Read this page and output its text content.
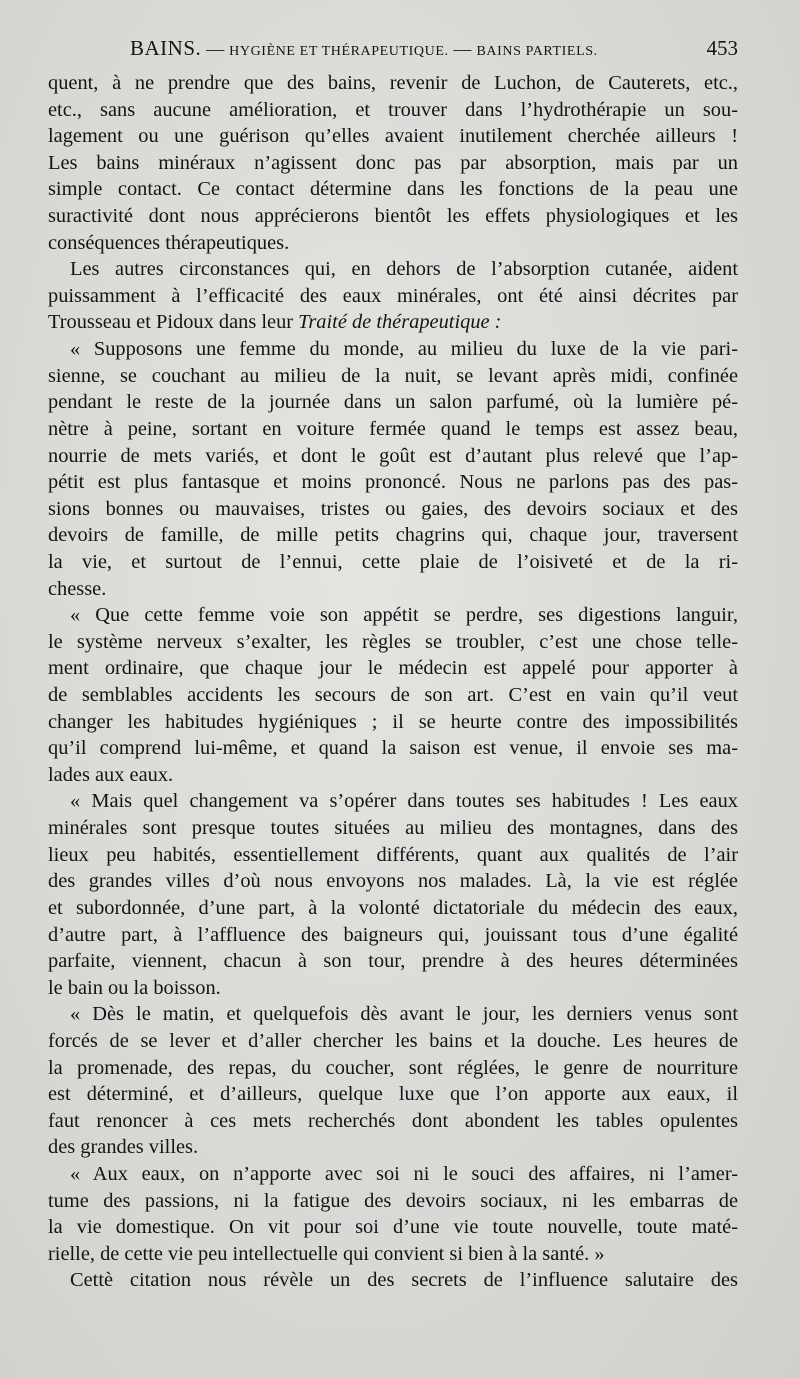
BAINS. — HYGIÈNE ET THÉRAPEUTIQUE. — BAINS PARTIELS.	453
quent, à ne prendre que des bains, revenir de Luchon, de Cauterets, etc.,
etc., sans aucune amélioration, et trouver dans l’hydrothérapie un sou-
lagement ou une guérison qu’elles avaient inutilement cherchée ailleurs !
Les bains minéraux n’agissent donc pas par absorption, mais par un
simple contact. Ce contact détermine dans les fonctions de la peau une
suractivité dont nous apprécierons bientôt les effets physiologiques et les
conséquences thérapeutiques.
Les autres circonstances qui, en dehors de l’absorption cutanée, aident
puissamment à l’efficacité des eaux minérales, ont été ainsi décrites par
Trousseau et Pidoux dans leur Traité de thérapeutique :
« Supposons une femme du monde, au milieu du luxe de la vie pari-
sienne, se couchant au milieu de la nuit, se levant après midi, confinée
pendant le reste de la journée dans un salon parfumé, où la lumière pé-
nètre à peine, sortant en voiture fermée quand le temps est assez beau,
nourrie de mets variés, et dont le goût est d’autant plus relevé que l’ap-
pétit est plus fantasque et moins prononcé. Nous ne parlons pas des pas-
sions bonnes ou mauvaises, tristes ou gaies, des devoirs sociaux et des
devoirs de famille, de mille petits chagrins qui, chaque jour, traversent
la vie, et surtout de l’ennui, cette plaie de l’oisiveté et de la ri-
chesse.
« Que cette femme voie son appétit se perdre, ses digestions languir,
le système nerveux s’exalter, les règles se troubler, c’est une chose telle-
ment ordinaire, que chaque jour le médecin est appelé pour apporter à
de semblables accidents les secours de son art. C’est en vain qu’il veut
changer les habitudes hygiéniques ; il se heurte contre des impossibilités
qu’il comprend lui-même, et quand la saison est venue, il envoie ses ma-
lades aux eaux.
« Mais quel changement va s’opérer dans toutes ses habitudes ! Les eaux
minérales sont presque toutes situées au milieu des montagnes, dans des
lieux peu habités, essentiellement différents, quant aux qualités de l’air
des grandes villes d’où nous envoyons nos malades. Là, la vie est réglée
et subordonnée, d’une part, à la volonté dictatoriale du médecin des eaux,
d’autre part, à l’affluence des baigneurs qui, jouissant tous d’une égalité
parfaite, viennent, chacun à son tour, prendre à des heures déterminées
le bain ou la boisson.
« Dès le matin, et quelquefois dès avant le jour, les derniers venus sont
forcés de se lever et d’aller chercher les bains et la douche. Les heures de
la promenade, des repas, du coucher, sont réglées, le genre de nourriture
est déterminé, et d’ailleurs, quelque luxe que l’on apporte aux eaux, il
faut renoncer à ces mets recherchés dont abondent les tables opulentes
des grandes villes.
« Aux eaux, on n’apporte avec soi ni le souci des affaires, ni l’amer-
tume des passions, ni la fatigue des devoirs sociaux, ni les embarras de
la vie domestique. On vit pour soi d’une vie toute nouvelle, toute maté-
rielle, de cette vie peu intellectuelle qui convient si bien à la santé. »
Cettè citation nous révèle un des secrets de l’influence salutaire des
